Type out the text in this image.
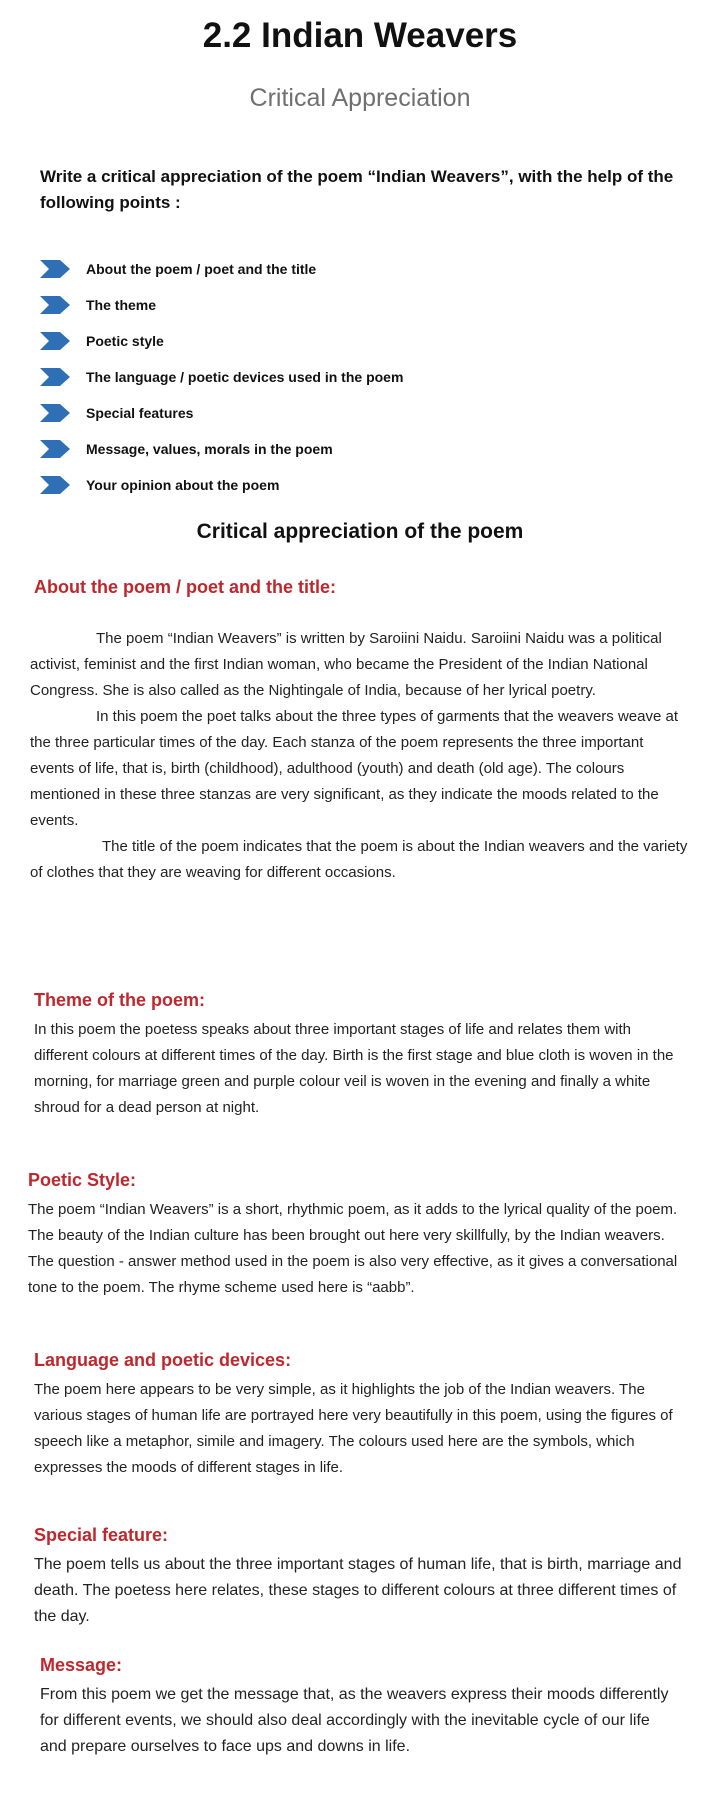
2.2 Indian Weavers
Critical Appreciation
Write a critical appreciation of the poem “Indian Weavers”, with the help of the following points :
About the poem / poet and the title
The theme
Poetic style
The language / poetic devices used in the poem
Special features
Message, values, morals in the poem
Your opinion about the poem
Critical appreciation of the poem
About the poem / poet and the title:

The poem “Indian Weavers” is written by Saroiini Naidu. Saroiini Naidu was a political activist, feminist and the first Indian woman, who became the President of the Indian National Congress. She is also called as the Nightingale of India, because of her lyrical poetry.

In this poem the poet talks about the three types of garments that the weavers weave at the three particular times of the day. Each stanza of the poem represents the three important events of life, that is, birth (childhood), adulthood (youth) and death (old age). The colours mentioned in these three stanzas are very significant, as they indicate the moods related to the events.

The title of the poem indicates that the poem is about the Indian weavers and the variety of clothes that they are weaving for different occasions.

Theme of the poem:

In this poem the poetess speaks about three important stages of life and relates them with different colours at different times of the day. Birth is the first stage and blue cloth is woven in the morning, for marriage green and purple colour veil is woven in the evening and finally a white shroud for a dead person at night.

Poetic Style:

The poem “Indian Weavers” is a short, rhythmic poem, as it adds to the lyrical quality of the poem. The beauty of the Indian culture has been brought out here very skillfully, by the Indian weavers. The question - answer method used in the poem is also very effective, as it gives a conversational tone to the poem. The rhyme scheme used here is “aabb”.

Language and poetic devices:

The poem here appears to be very simple, as it highlights the job of the Indian weavers. The various stages of human life are portrayed here very beautifully in this poem, using the figures of speech like a metaphor, simile and imagery. The colours used here are the symbols, which expresses the moods of different stages in life.

Special feature:

The poem tells us about the three important stages of human life, that is birth, marriage and death. The poetess here relates, these stages to different colours at three different times of the day.

Message:

From this poem we get the message that, as the weavers express their moods differently for different events, we should also deal accordingly with the inevitable cycle of our life and prepare ourselves to face ups and downs in life.
